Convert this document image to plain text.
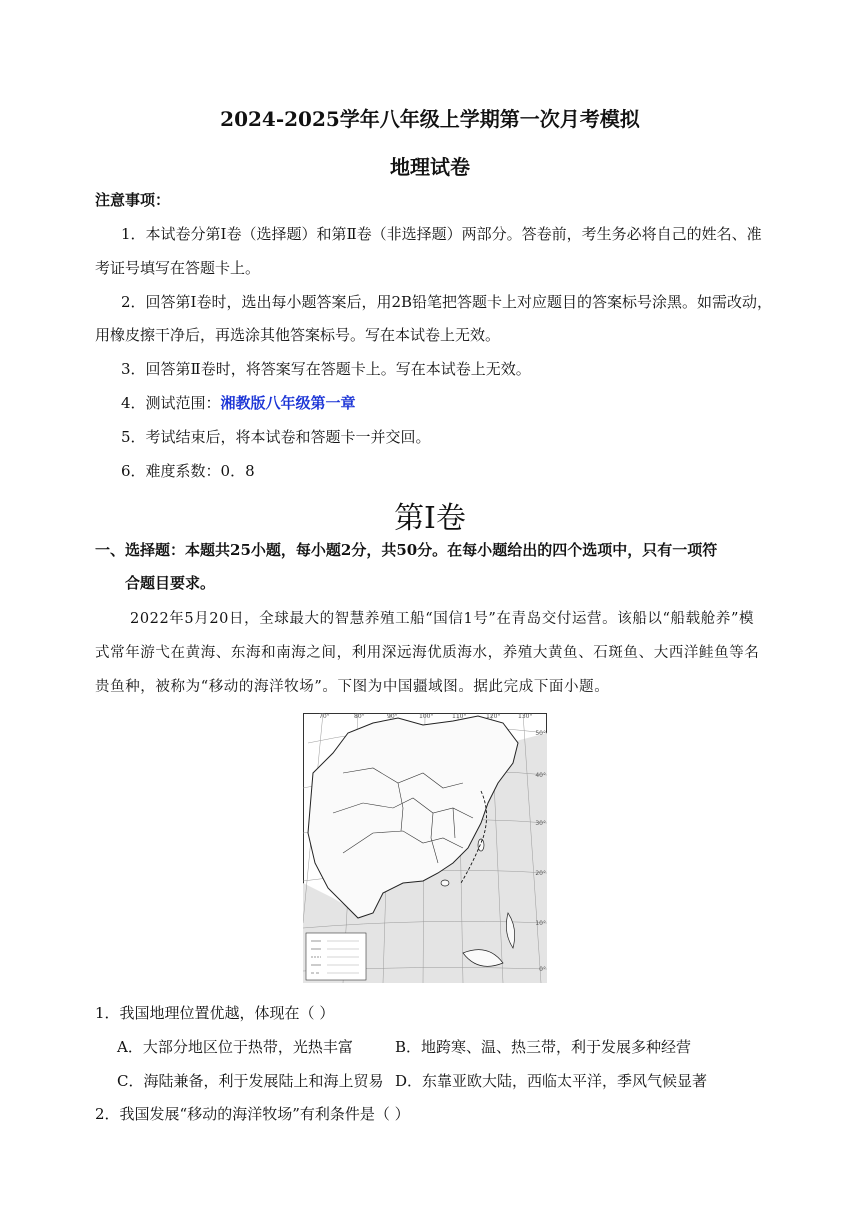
2024-2025学年八年级上学期第一次月考模拟
地理试卷
注意事项：
1．本试卷分第Ⅰ卷（选择题）和第Ⅱ卷（非选择题）两部分。答卷前，考生务必将自己的姓名、准
考证号填写在答题卡上。
2．回答第Ⅰ卷时，选出每小题答案后，用2B铅笔把答题卡上对应题目的答案标号涂黑。如需改动，
用橡皮擦干净后，再选涂其他答案标号。写在本试卷上无效。
3．回答第Ⅱ卷时，将答案写在答题卡上。写在本试卷上无效。
4．测试范围：湘教版八年级第一章
5．考试结束后，将本试卷和答题卡一并交回。
6．难度系数：0．8
第Ⅰ卷
一、选择题：本题共25小题，每小题2分，共50分。在每小题给出的四个选项中，只有一项符
合题目要求。
2022年5月20日，全球最大的智慧养殖工船“国信1号”在青岛交付运营。该船以“船载舱养”模
式常年游弋在黄海、东海和南海之间，利用深远海优质海水，养殖大黄鱼、石斑鱼、大西洋鲑鱼等名
贵鱼种，被称为“移动的海洋牧场”。下图为中国疆域图。据此完成下面小题。
70°	80°	90°	100°	110°	120°	130°
50°
40°
30°
20°
10°
0°
1．我国地理位置优越，体现在（ ）
A．大部分地区位于热带，光热丰富	B．地跨寒、温、热三带，利于发展多种经营
C．海陆兼备，利于发展陆上和海上贸易 D．东靠亚欧大陆，西临太平洋，季风气候显著
2．我国发展“移动的海洋牧场”有利条件是（ ）
